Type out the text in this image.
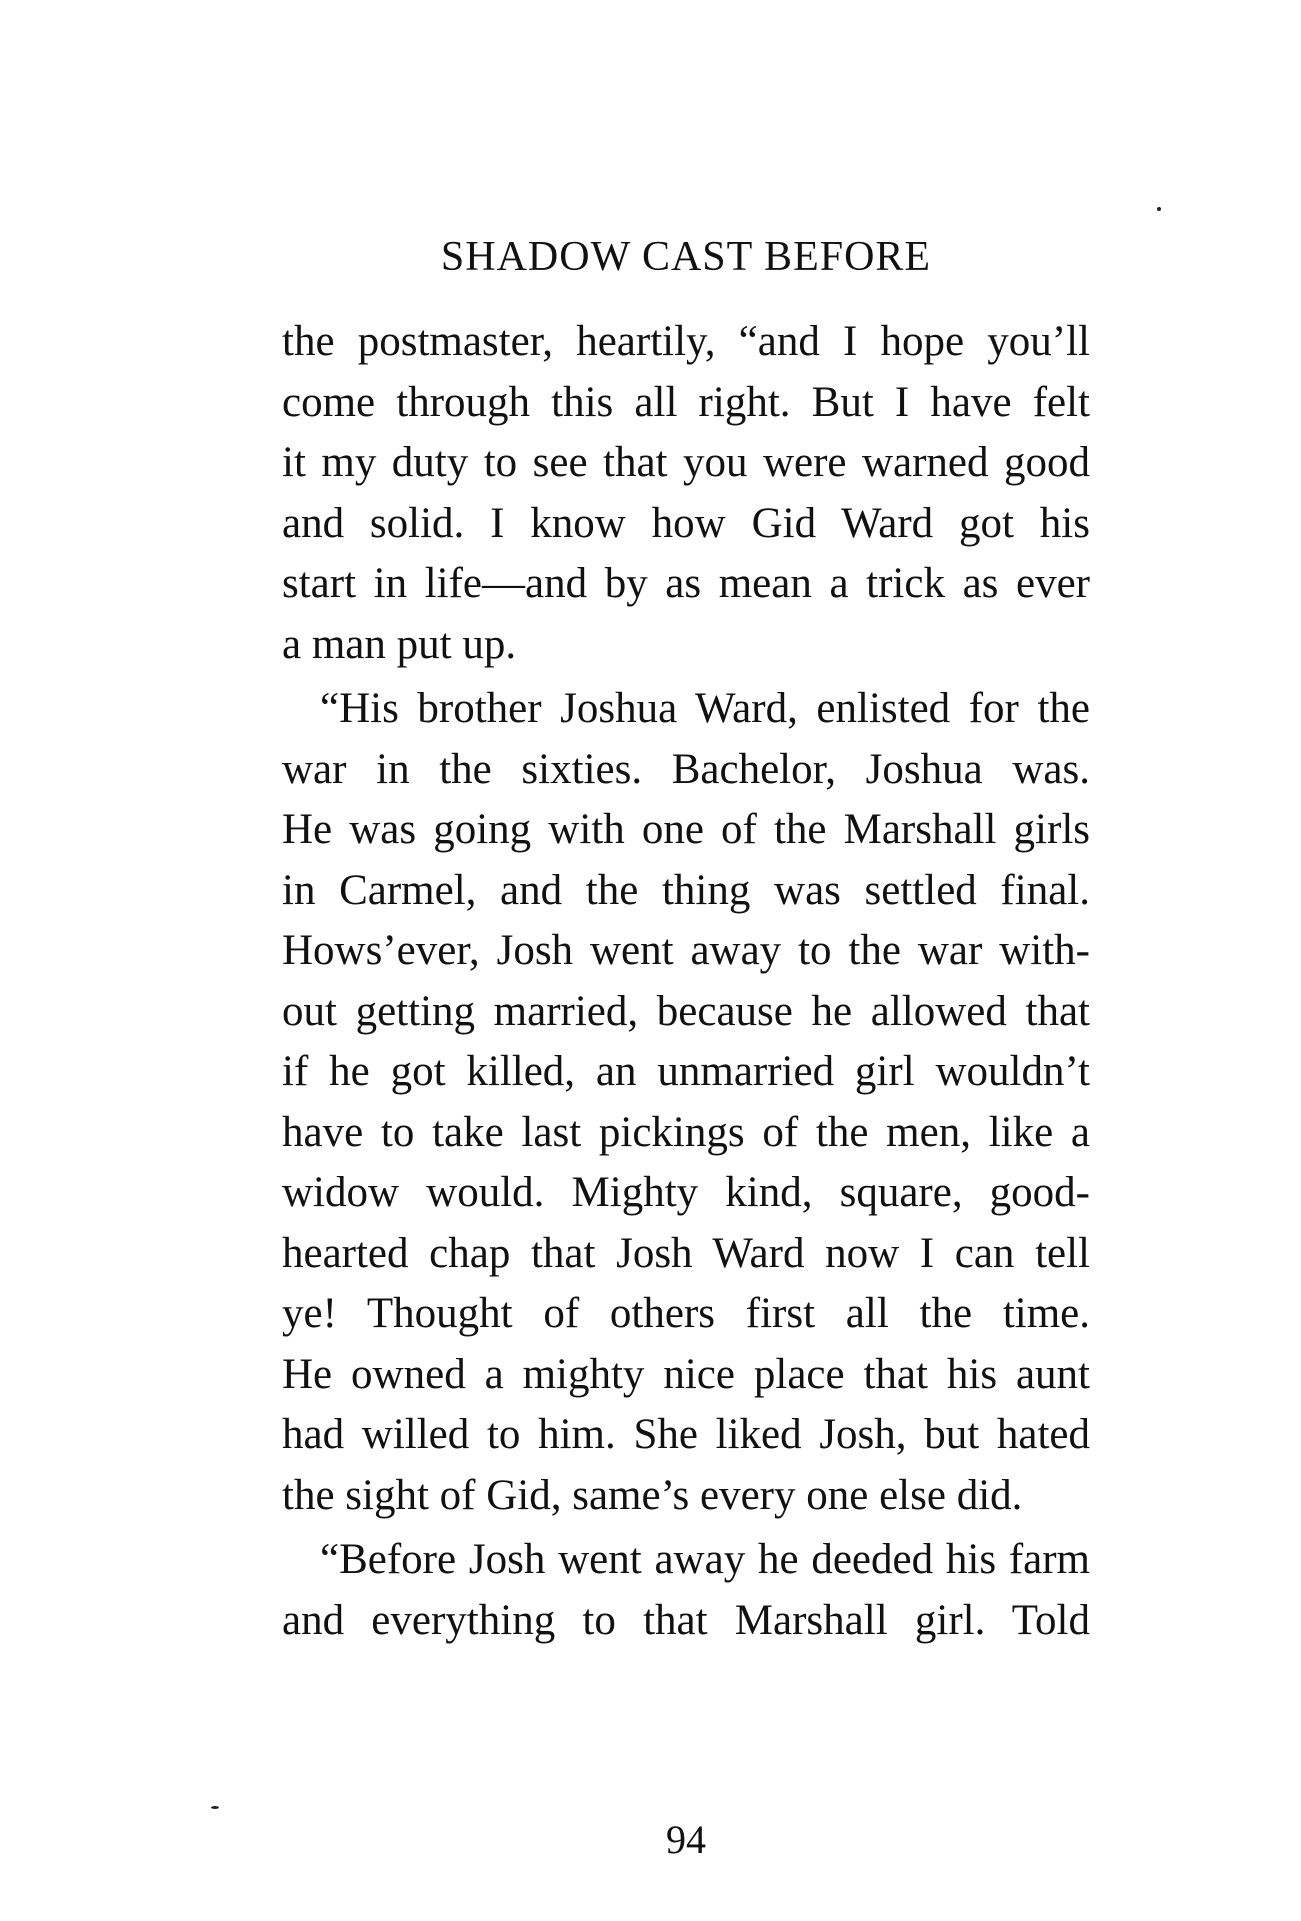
SHADOW CAST BEFORE
the postmaster, heartily, “and I hope you’ll
come through this all right. But I have felt
it my duty to see that you were warned good
and solid. I know how Gid Ward got his
start in life—and by as mean a trick as ever
a man put up.
“His brother Joshua Ward, enlisted for the
war in the sixties. Bachelor, Joshua was.
He was going with one of the Marshall girls
in Carmel, and the thing was settled final.
Hows’ever, Josh went away to the war with-
out getting married, because he allowed that
if he got killed, an unmarried girl wouldn’t
have to take last pickings of the men, like a
widow would. Mighty kind, square, good-
hearted chap that Josh Ward now I can tell
ye! Thought of others first all the time.
He owned a mighty nice place that his aunt
had willed to him. She liked Josh, but hated
the sight of Gid, same’s every one else did.
“Before Josh went away he deeded his farm
and everything to that Marshall girl. Told
94
